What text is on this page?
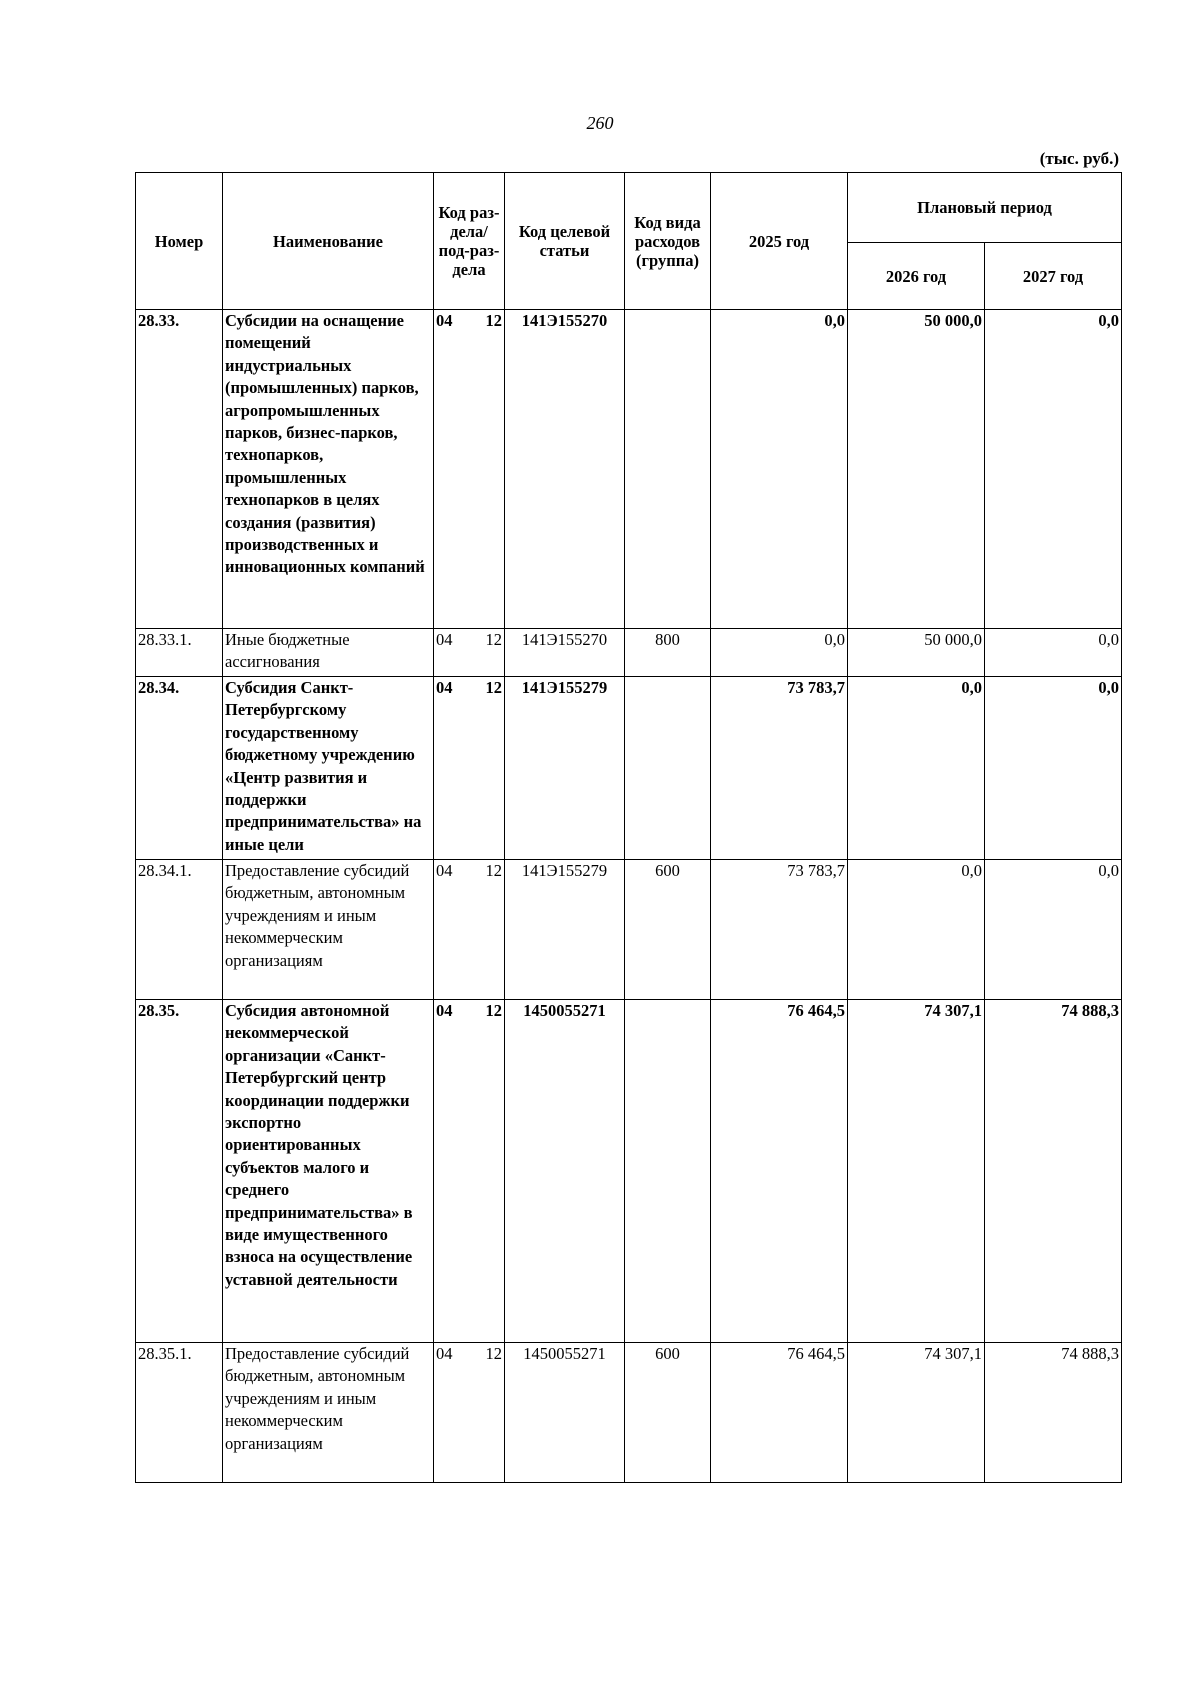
260
(тыс. руб.)
Номер	Наименование	Код раз-дела/ под-раз-дела	Код целевой статьи	Код вида расходов (группа)	2025 год	Плановый период	
						2026 год	2027 год
28.33.	Субсидии на оснащение помещений индустриальных (промышленных) парков, агропромышленных парков, бизнес-парков, технопарков, промышленных технопарков в целях создания (развития) производственных и инновационных компаний	04 12	141Э155270		0,0	50 000,0	0,0
28.33.1.	Иные бюджетные ассигнования	04 12	141Э155270	800	0,0	50 000,0	0,0
28.34.	Субсидия Санкт-Петербургскому государственному бюджетному учреждению «Центр развития и поддержки предпринимательства» на иные цели	04 12	141Э155279		73 783,7	0,0	0,0
28.34.1.	Предоставление субсидий бюджетным, автономным учреждениям и иным некоммерческим организациям	04 12	141Э155279	600	73 783,7	0,0	0,0
28.35.	Субсидия автономной некоммерческой организации «Санкт-Петербургский центр координации поддержки экспортно ориентированных субъектов малого и среднего предпринимательства» в виде имущественного взноса на осуществление уставной деятельности	04 12	1450055271		76 464,5	74 307,1	74 888,3
28.35.1.	Предоставление субсидий бюджетным, автономным учреждениям и иным некоммерческим организациям	04 12	1450055271	600	76 464,5	74 307,1	74 888,3
